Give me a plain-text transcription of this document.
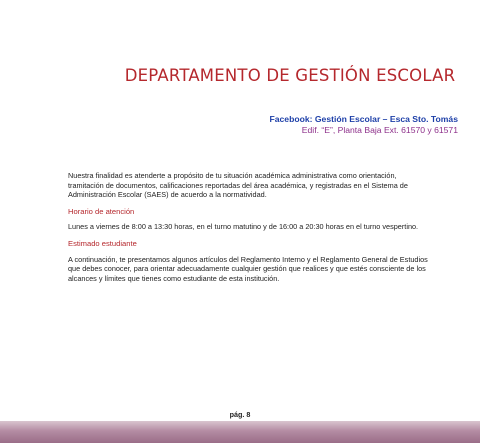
DEPARTAMENTO DE GESTIÓN ESCOLAR
Facebook: Gestión Escolar – Esca Sto. Tomás
Edif. “E”, Planta Baja Ext. 61570 y 61571

Nuestra finalidad es atenderte a propósito de tu situación académica administrativa como orientación, tramitación de documentos, calificaciones reportadas del área académica, y registradas en el Sistema de Administración Escolar (SAES) de acuerdo a la normatividad.

Horario de atención

Lunes a viernes de 8:00 a 13:30 horas, en el turno matutino y de 16:00 a 20:30 horas en el turno vespertino.

Estimado estudiante

A continuación, te presentamos algunos artículos del Reglamento Interno y el Reglamento General de Estudios que debes conocer, para orientar adecuadamente cualquier gestión que realices y que estés consciente de los alcances y límites que tienes como estudiante de esta institución.

pág. 8
